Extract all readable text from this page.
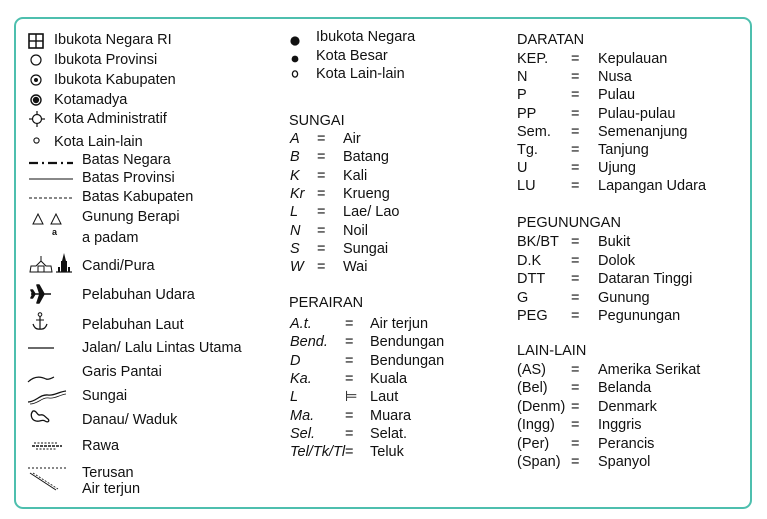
Ibukota Negara RI
Ibukota Provinsi
Ibukota Kabupaten
Kotamadya
Kota Administratif
Kota Lain-lain
Batas Negara
Batas Provinsi
Batas Kabupaten
a
Gunung Berapi
a padam
Candi/Pura
Pelabuhan Udara
Pelabuhan Laut
Jalan/ Lalu Lintas Utama
Garis Pantai
Sungai
Danau/ Waduk
Rawa
Terusan
Air terjun
Ibukota Negara
Kota Besar
Kota Lain-lain
SUNGAI
A = Air
B = Batang
K = Kali
Kr = Krueng
L = Lae/ Lao
N = Noil
S = Sungai
W = Wai
PERAIRAN
A.t. = Air terjun
Bend. = Bendungan
D	= Bendungan
Ka. = Kuala
L	⊨ Laut
Ma. = Muara
Sel. = Selat.
Tel/Tk/Tl = Teluk
DARATAN
KEP. = Kepulauan
N	= Nusa
P	= Pulau
PP = Pulau-pulau
Sem. = Semenanjung
Tg. = Tanjung
U	= Ujung
LU = Lapangan Udara
PEGUNUNGAN
BK/BT = Bukit
D.K = Dolok
DTT = Dataran Tinggi
G	= Gunung
PEG = Pegunungan
LAIN-LAIN
(AS) = Amerika Serikat
(Bel) = Belanda
(Denm) = Denmark
(Ingg) = Inggris
(Per) = Perancis
(Span) = Spanyol
